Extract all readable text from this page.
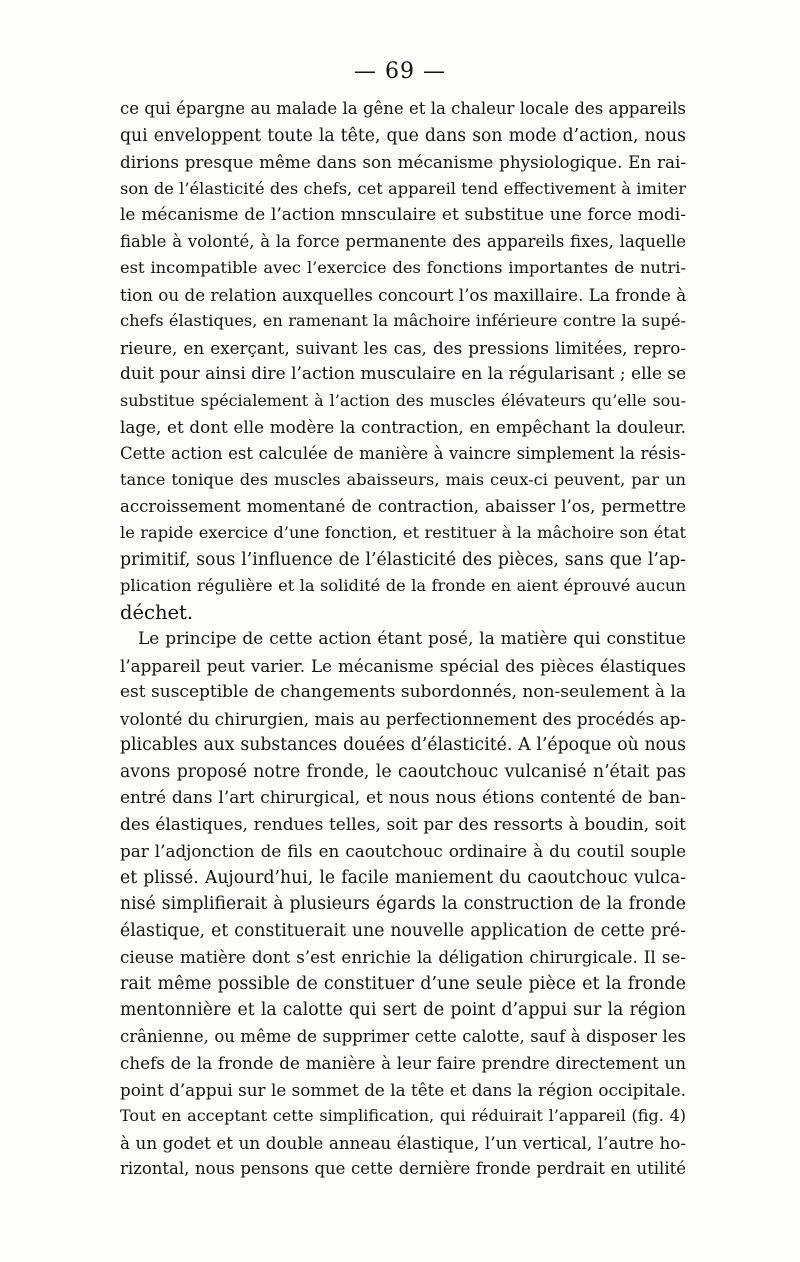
— 69 —
ce qui épargne au malade la gêne et la chaleur locale des appareils
qui enveloppent toute la tête, que dans son mode d’action, nous
dirions presque même dans son mécanisme physiologique. En rai-
son de l’élasticité des chefs, cet appareil tend effectivement à imiter
le mécanisme de l’action mnsculaire et substitue une force modi-
fiable à volonté, à la force permanente des appareils fixes, laquelle
est incompatible avec l’exercice des fonctions importantes de nutri-
tion ou de relation auxquelles concourt l’os maxillaire. La fronde à
chefs élastiques, en ramenant la mâchoire inférieure contre la supé-
rieure, en exerçant, suivant les cas, des pressions limitées, repro-
duit pour ainsi dire l’action musculaire en la régularisant ; elle se
substitue spécialement à l’action des muscles élévateurs qu’elle sou-
lage, et dont elle modère la contraction, en empêchant la douleur.
Cette action est calculée de manière à vaincre simplement la résis-
tance tonique des muscles abaisseurs, mais ceux-ci peuvent, par un
accroissement momentané de contraction, abaisser l’os, permettre
le rapide exercice d’une fonction, et restituer à la mâchoire son état
primitif, sous l’influence de l’élasticité des pièces, sans que l’ap-
plication régulière et la solidité de la fronde en aient éprouvé aucun
déchet.
Le principe de cette action étant posé, la matière qui constitue
l’appareil peut varier. Le mécanisme spécial des pièces élastiques
est susceptible de changements subordonnés, non-seulement à la
volonté du chirurgien, mais au perfectionnement des procédés ap-
plicables aux substances douées d’élasticité. A l’époque où nous
avons proposé notre fronde, le caoutchouc vulcanisé n’était pas
entré dans l’art chirurgical, et nous nous étions contenté de ban-
des élastiques, rendues telles, soit par des ressorts à boudin, soit
par l’adjonction de fils en caoutchouc ordinaire à du coutil souple
et plissé. Aujourd’hui, le facile maniement du caoutchouc vulca-
nisé simplifierait à plusieurs égards la construction de la fronde
élastique, et constituerait une nouvelle application de cette pré-
cieuse matière dont s’est enrichie la déligation chirurgicale. Il se-
rait même possible de constituer d’une seule pièce et la fronde
mentonnière et la calotte qui sert de point d’appui sur la région
crânienne, ou même de supprimer cette calotte, sauf à disposer les
chefs de la fronde de manière à leur faire prendre directement un
point d’appui sur le sommet de la tête et dans la région occipitale.
Tout en acceptant cette simplification, qui réduirait l’appareil (fig. 4)
à un godet et un double anneau élastique, l’un vertical, l’autre ho-
rizontal, nous pensons que cette dernière fronde perdrait en utilité
